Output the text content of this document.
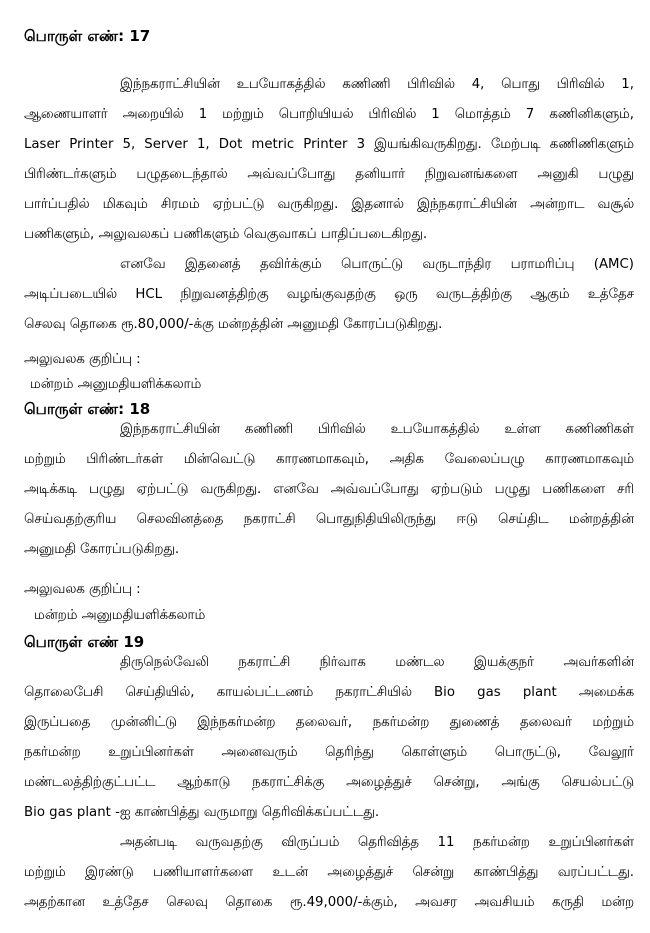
பொருள் எண்: 17
இந்நகராட்சியின் உபயோகத்தில் கணிணி பிரிவில் 4, பொது பிரிவில் 1,
ஆணையாளர் அறையில் 1 மற்றும் பொறியியல் பிரிவில் 1 மொத்தம் 7 கணினிகளும்,
Laser Printer 5, Server 1, Dot metric Printer 3 இயங்கிவருகிறது. மேற்படி கணிணிகளும்
பிரிண்டர்களும் பழுதடைந்தால் அவ்வப்போது தனியார் நிறுவனங்களை அனுகி பழுது
பார்ப்பதில் மிகவும் சிரமம் ஏற்பட்டு வருகிறது. இதனால் இந்நகராட்சியின் அன்றாட வசூல்
பணிகளும், அலுவலகப் பணிகளும் வெகுவாகப் பாதிப்படைகிறது.
எனவே இதனைத் தவிர்க்கும் பொருட்டு வருடாந்திர பராமரிப்பு (AMC)
அடிப்படையில் HCL நிறுவனத்திற்கு வழங்குவதற்கு ஒரு வருடத்திற்கு ஆகும் உத்தேச
செலவு தொகை ரூ.80,000/-க்கு மன்றத்தின் அனுமதி கோரப்படுகிறது.
அலுவலக குறிப்பு :
மன்றம் அனுமதியளிக்கலாம்
பொருள் எண்: 18
இந்நகராட்சியின் கணிணி பிரிவில் உபயோகத்தில் உள்ள கணிணிகள்
மற்றும் பிரிண்டர்கள் மின்வெட்டு காரணமாகவும், அதிக வேலைப்பழு காரணமாகவும்
அடிக்கடி பழுது ஏற்பட்டு வருகிறது. எனவே அவ்வப்போது ஏற்படும் பழுது பணிகளை சரி
செய்வதற்குரிய செலவினத்தை நகராட்சி பொதுநிதியிலிருந்து ஈடு செய்திட மன்றத்தின்
அனுமதி கோரப்படுகிறது.
அலுவலக குறிப்பு :
மன்றம் அனுமதியளிக்கலாம்
பொருள் எண் 19
திருநெல்வேலி நகராட்சி நிர்வாக மண்டல இயக்குநர் அவர்களின்
தொலைபேசி செய்தியில், காயல்பட்டணம் நகராட்சியில் Bio gas plant அமைக்க
இருப்பதை முன்னிட்டு இந்நகர்மன்ற தலைவர், நகர்மன்ற துணைத் தலைவர் மற்றும்
நகர்மன்ற உறுப்பினர்கள் அனைவரும் தெரிந்து கொள்ளும் பொருட்டு, வேலூர்
மண்டலத்திற்குட்பட்ட ஆற்காடு நகராட்சிக்கு அழைத்துச் சென்று, அங்கு செயல்பட்டு
Bio gas plant -ஐ காண்பித்து வருமாறு தெரிவிக்கப்பட்டது.
அதன்படி வருவதற்கு விருப்பம் தெரிவித்த 11 நகர்மன்ற உறுப்பினர்கள்
மற்றும் இரண்டு பணியாளர்களை உடன் அழைத்துச் சென்று காண்பித்து வரப்பட்டது.
அதற்கான உத்தேச செலவு தொகை ரூ.49,000/-க்கும், அவசர அவசியம் கருதி மன்ற
